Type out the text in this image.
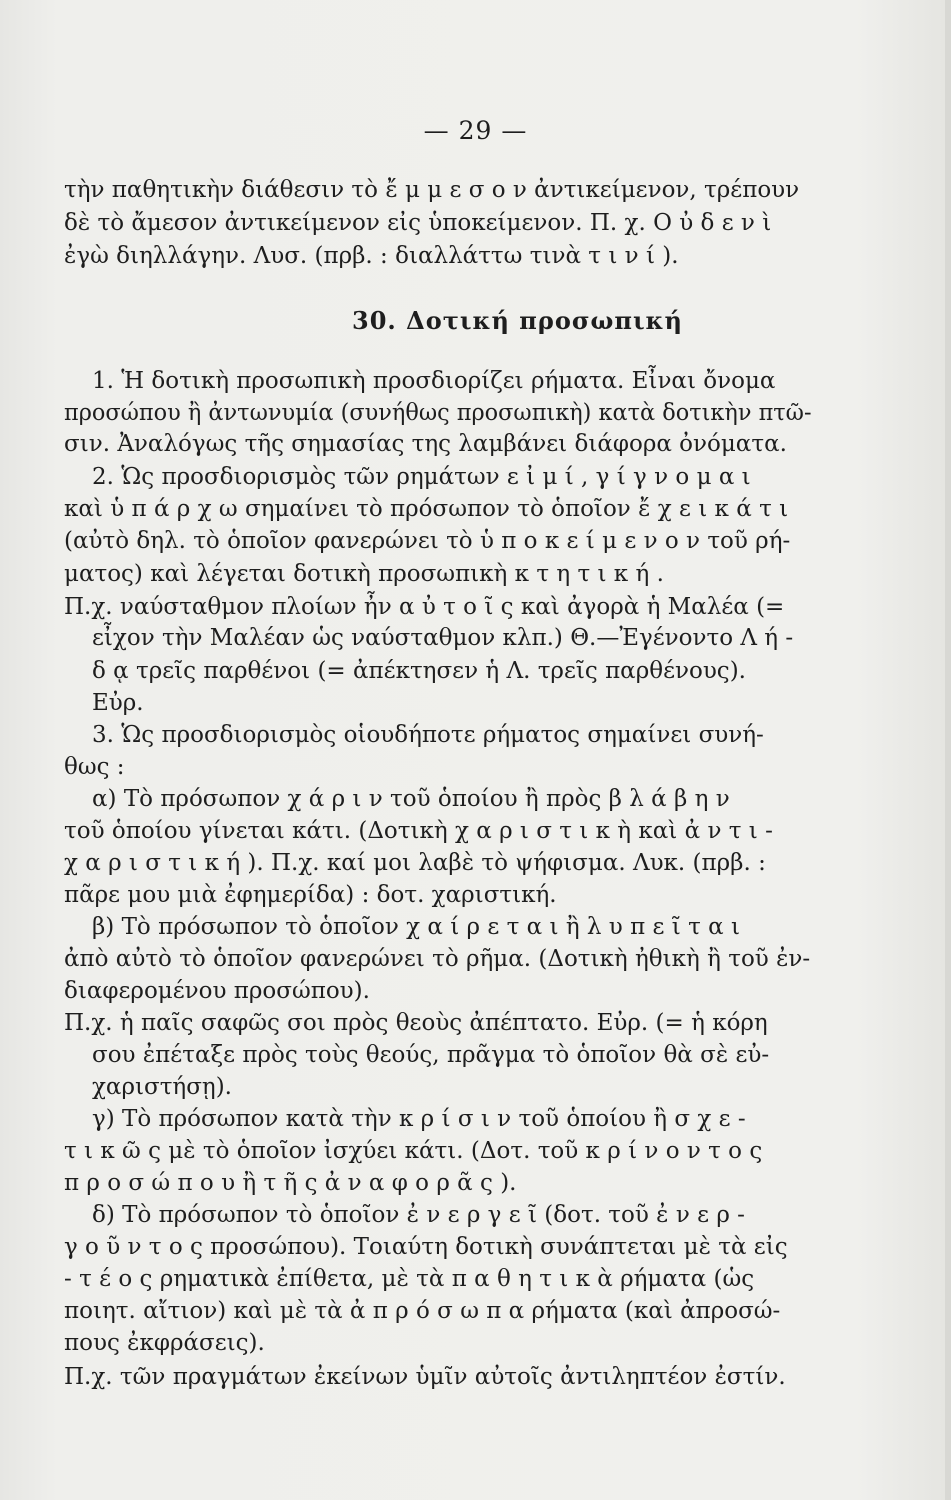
— 29 —
τὴν παθητικὴν διάθεσιν τὸ ἔ μ μ ε σ ο ν ἀντικείμενον, τρέπουν
δὲ τὸ ἄμεσον ἀντικείμενον εἰς ὑποκείμενον. Π. χ. Ο ὐ δ ε ν ὶ
ἐγὼ διηλλάγην. Λυσ. (πρβ. : διαλλάττω τινὰ τ ι ν ί ).
30. Δοτική προσωπική
1. Ἡ δοτικὴ προσωπικὴ προσδιορίζει ρήματα. Εἶναι ὄνομα
προσώπου ἢ ἀντωνυμία (συνήθως προσωπικὴ) κατὰ δοτικὴν πτῶ-
σιν. Ἀναλόγως τῆς σημασίας της λαμβάνει διάφορα ὀνόματα.
2. Ὡς προσδιορισμὸς τῶν ρημάτων ε ἰ μ ί , γ ί γ ν ο μ α ι
καὶ ὑ π ά ρ χ ω σημαίνει τὸ πρόσωπον τὸ ὁποῖον ἔ χ ε ι κ ά τ ι
(αὐτὸ δηλ. τὸ ὁποῖον φανερώνει τὸ ὑ π ο κ ε ί μ ε ν ο ν τοῦ ρή-
ματος) καὶ λέγεται δοτικὴ προσωπικὴ κ τ η τ ι κ ή .
Π.χ. ναύσταθμον πλοίων ἦν α ὐ τ ο ῖ ς καὶ ἀγορὰ ἡ Μαλέα (=
εἶχον τὴν Μαλέαν ὡς ναύσταθμον κλπ.) Θ.—Ἐγένοντο Λ ή -
δ ᾳ τρεῖς παρθένοι (= ἀπέκτησεν ἡ Λ. τρεῖς παρθένους).
Εὐρ.
3. Ὡς προσδιορισμὸς οἱουδήποτε ρήματος σημαίνει συνή-
θως :
α) Τὸ πρόσωπον χ ά ρ ι ν τοῦ ὁποίου ἢ πρὸς β λ ά β η ν
τοῦ ὁποίου γίνεται κάτι. (Δοτικὴ χ α ρ ι σ τ ι κ ὴ καὶ ἀ ν τ ι -
χ α ρ ι σ τ ι κ ή ). Π.χ. καί μοι λαβὲ τὸ ψήφισμα. Λυκ. (πρβ. :
πᾶρε μου μιὰ ἐφημερίδα) : δοτ. χαριστική.
β) Τὸ πρόσωπον τὸ ὁποῖον χ α ί ρ ε τ α ι ἢ λ υ π ε ῖ τ α ι
ἀπὸ αὐτὸ τὸ ὁποῖον φανερώνει τὸ ρῆμα. (Δοτικὴ ἠθικὴ ἢ τοῦ ἐν-
διαφερομένου προσώπου).
Π.χ. ἡ παῖς σαφῶς σοι πρὸς θεοὺς ἀπέπτατο. Εὐρ. (= ἡ κόρη
σου ἐπέταξε πρὸς τοὺς θεούς, πρᾶγμα τὸ ὁποῖον θὰ σὲ εὐ-
χαριστήσῃ).
γ) Τὸ πρόσωπον κατὰ τὴν κ ρ ί σ ι ν τοῦ ὁποίου ἢ σ χ ε -
τ ι κ ῶ ς μὲ τὸ ὁποῖον ἰσχύει κάτι. (Δοτ. τοῦ κ ρ ί ν ο ν τ ο ς
π ρ ο σ ώ π ο υ ἢ τ ῆ ς ἀ ν α φ ο ρ ᾶ ς ).
δ) Τὸ πρόσωπον τὸ ὁποῖον ἐ ν ε ρ γ ε ῖ (δοτ. τοῦ ἐ ν ε ρ -
γ ο ῦ ν τ ο ς προσώπου). Τοιαύτη δοτικὴ συνάπτεται μὲ τὰ εἰς
- τ έ ο ς ρηματικὰ ἐπίθετα, μὲ τὰ π α θ η τ ι κ ὰ ρήματα (ὡς
ποιητ. αἴτιον) καὶ μὲ τὰ ἀ π ρ ό σ ω π α ρήματα (καὶ ἀπροσώ-
πους ἐκφράσεις).
Π.χ. τῶν πραγμάτων ἐκείνων ὑμῖν αὐτοῖς ἀντιληπτέον ἐστίν.
